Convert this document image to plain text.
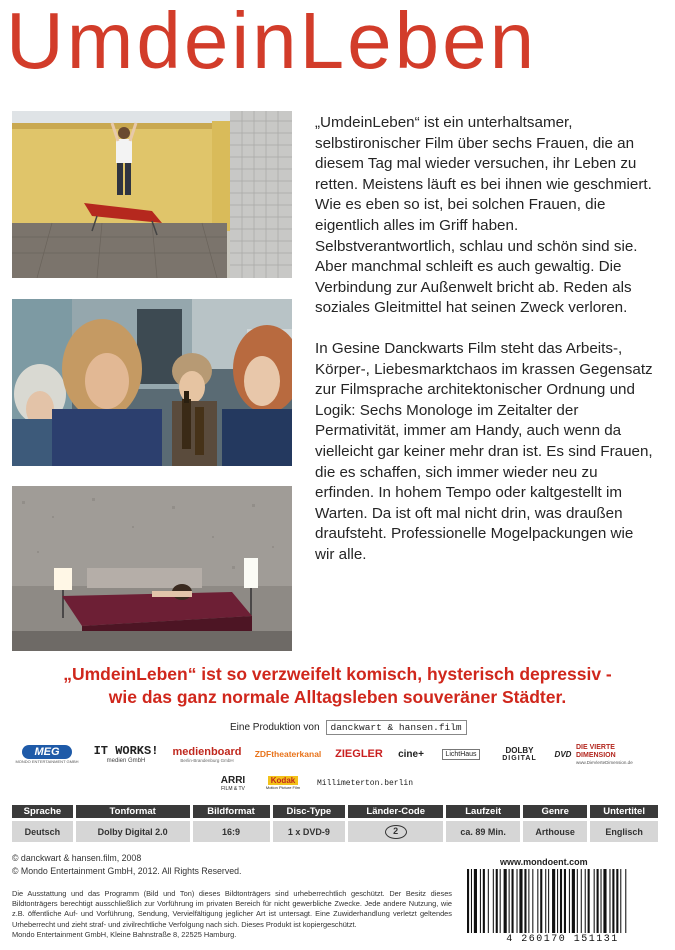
UmdeinLeben

„UmdeinLeben“ ist ein unterhaltsamer, selbstironischer Film über sechs Frauen, die an diesem Tag mal wieder versuchen, ihr Leben zu retten. Meistens läuft es bei ihnen wie geschmiert. Wie es eben so ist, bei solchen Frauen, die eigentlich alles im Griff haben. Selbstverantwortlich, schlau und schön sind sie. Aber manchmal schleift es auch gewaltig. Die Verbindung zur Außenwelt bricht ab. Reden als soziales Gleitmittel hat seinen Zweck verloren.

In Gesine Danckwarts Film steht das Arbeits-, Körper-, Liebesmarktchaos im krassen Gegensatz zur Filmsprache architektonischer Ordnung und Logik: Sechs Monologe im Zeitalter der Permativität, immer am Handy, auch wenn da vielleicht gar keiner mehr dran ist. Es sind Frauen, die es schaffen, sich immer wieder neu zu erfinden. In hohem Tempo oder kaltgestellt im Warten. Da ist oft mal nicht drin, was draußen draufsteht. Professionelle Mogelpackungen wie wir alle.

„UmdeinLeben“ ist so verzweifelt komisch, hysterisch depressiv -
wie das ganz normale Alltagsleben souveräner Städter.
Eine Produktion von	danckwart & hansen.film
MEG
MONDO ENTERTAINMENT GMBH
IT WORKS!
medien GmbH
medienboard
Berlin-Brandenburg GmbH
ZDFtheaterkanal ZIEGLER cine+	LichtHaus	DOLBY
DIGITAL DVD
DIE VIERTE DIMENSION
www.DieVierteDimension.de
ARRI
FILM & TV
Kodak
Motion Picture Film Millimeterton.berlin
Sprache	Tonformat	Bildformat	Disc-Type	Länder-Code	Laufzeit	Genre	Untertitel
Deutsch	Dolby Digital 2.0	16:9	1 x DVD-9	2	ca. 89 Min.	Arthouse	Englisch
© danckwart & hansen.film, 2008
© Mondo Entertainment GmbH, 2012. All Rights Reserved.
www.mondoent.com
Die Ausstattung und das Programm (Bild und Ton) dieses Bildtonträgers sind urheberrechtlich geschützt. Der Besitz dieses Bildtonträgers berechtigt ausschließlich zur Vorführung im privaten Bereich für nicht gewerbliche Zwecke. Jede andere Nutzung, wie z.B. öffentliche Auf- und Vorführung, Sendung, Vervielfältigung jeglicher Art ist untersagt. Eine Zuwiderhandlung verletzt geltendes Urheberrecht und zieht straf- und zivilrechtliche Verfolgung nach sich. Dieses Produkt ist kopiergeschützt.
Mondo Entertainment GmbH, Kleine Bahnstraße 8, 22525 Hamburg.	4 260170 151131
